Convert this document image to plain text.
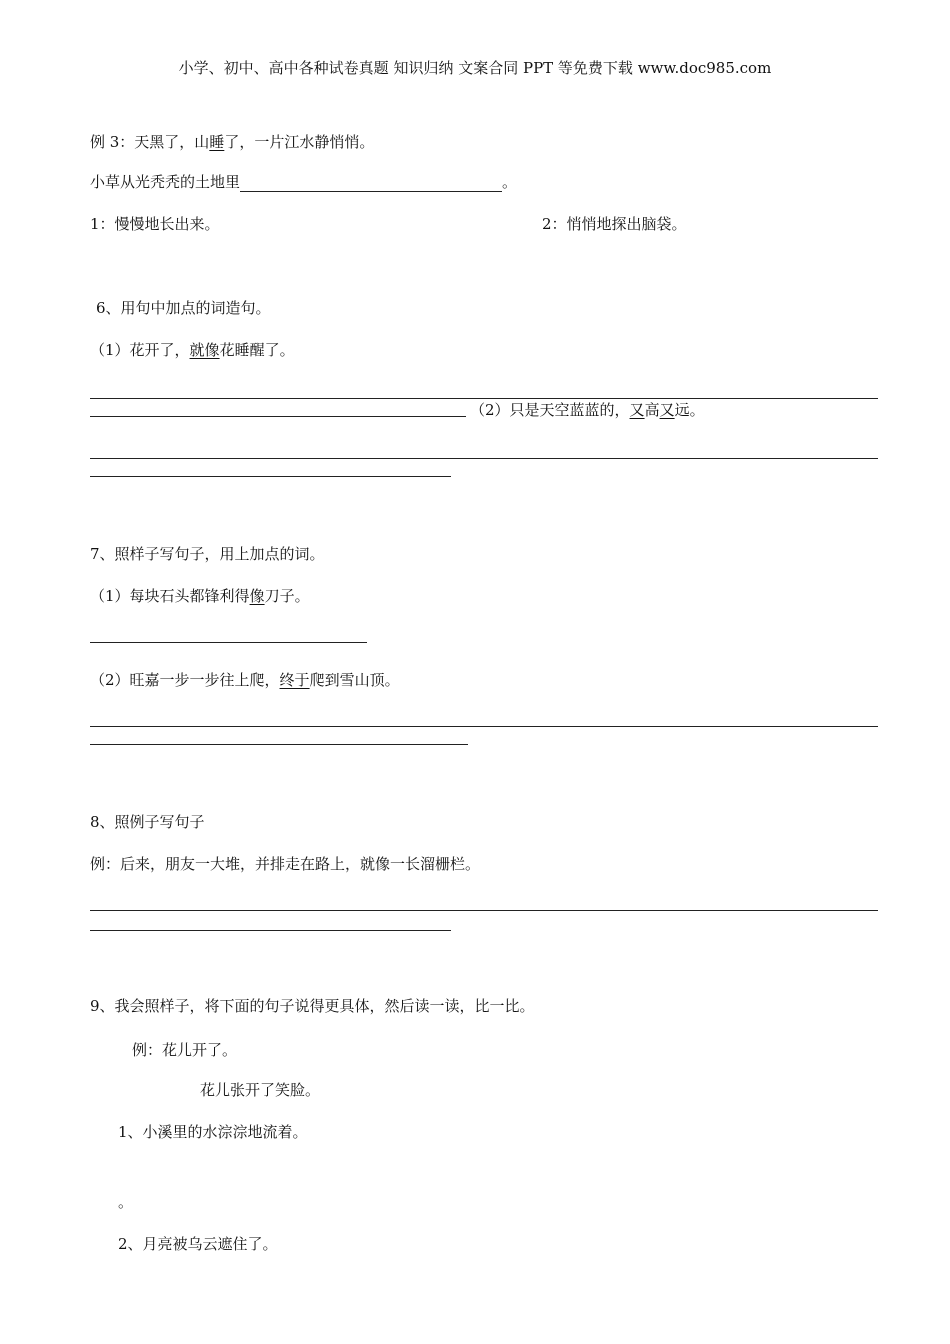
小学、初中、高中各种试卷真题 知识归纳 文案合同 PPT 等免费下载 www.doc985.com
例 3：天黑了，山睡了，一片江水静悄悄。
小草从光秃秃的土地里	。
1：慢慢地长出来。	2：悄悄地探出脑袋。
6、用句中加点的词造句。
（1）花开了，就像花睡醒了。
（2）只是天空蓝蓝的，又高又远。
7、照样子写句子，用上加点的词。
（1）每块石头都锋利得像刀子。
（2）旺嘉一步一步往上爬，终于爬到雪山顶。
8、照例子写句子
例：后来，朋友一大堆，并排走在路上，就像一长溜栅栏。
9、我会照样子，将下面的句子说得更具体，然后读一读，比一比。
例：花儿开了。
花儿张开了笑脸。
1、小溪里的水淙淙地流着。
。
2、月亮被乌云遮住了。
